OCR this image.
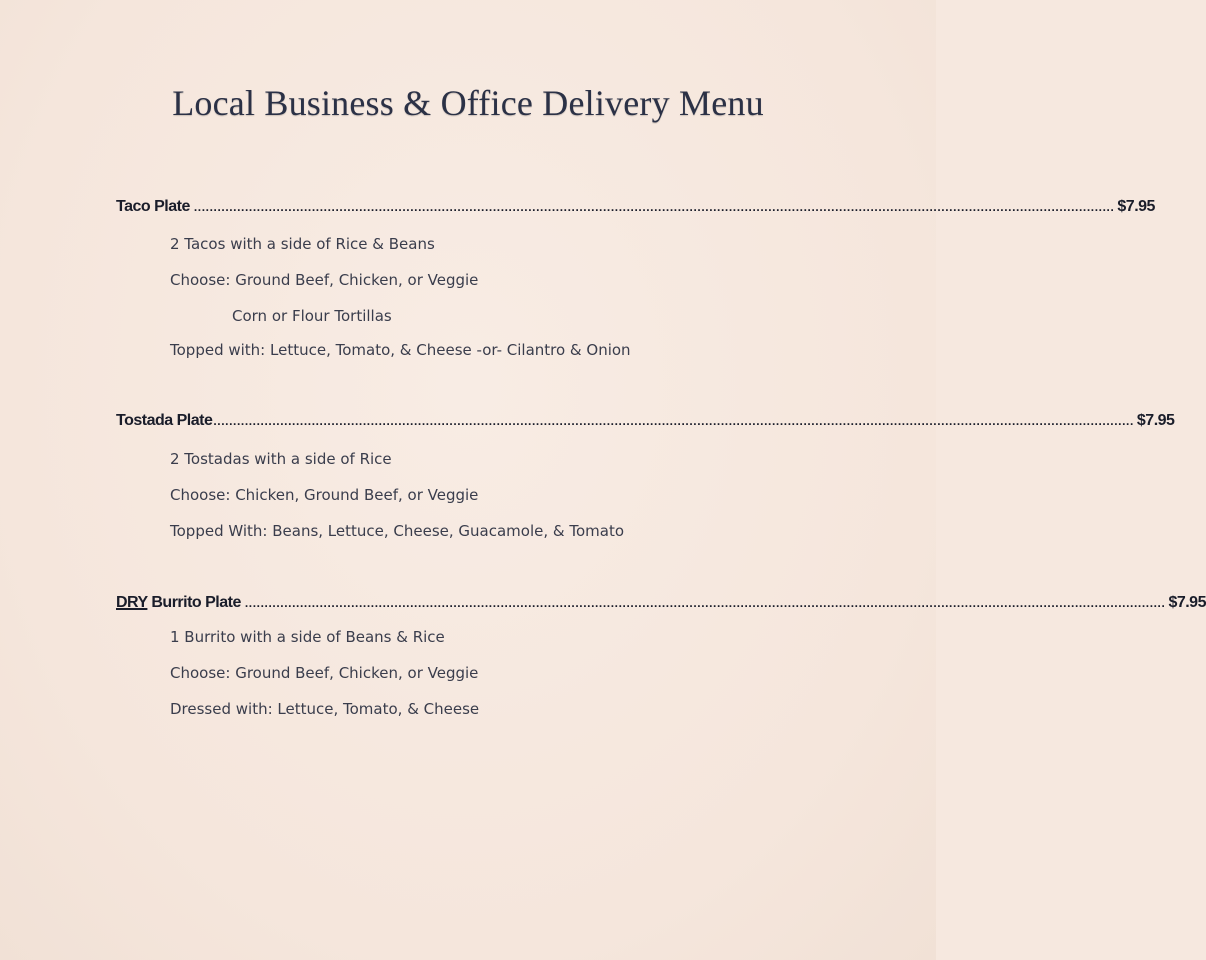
Local Business & Office Delivery Menu
Taco Plate .......................................................................................................................................................................................................................................... $7.95
2 Tacos with a side of Rice & Beans
Choose: Ground Beef, Chicken, or Veggie
Corn or Flour Tortillas
Topped with: Lettuce, Tomato, & Cheese -or- Cilantro & Onion
Tostada Plate .......................................................................................................................................................................................................................................... $7.95
2 Tostadas with a side of Rice
Choose: Chicken, Ground Beef, or Veggie
Topped With: Beans, Lettuce, Cheese, Guacamole, & Tomato
DRY Burrito Plate .......................................................................................................................................................................................................................................... $7.95
1 Burrito with a side of Beans & Rice
Choose: Ground Beef, Chicken, or Veggie
Dressed with: Lettuce, Tomato, & Cheese
